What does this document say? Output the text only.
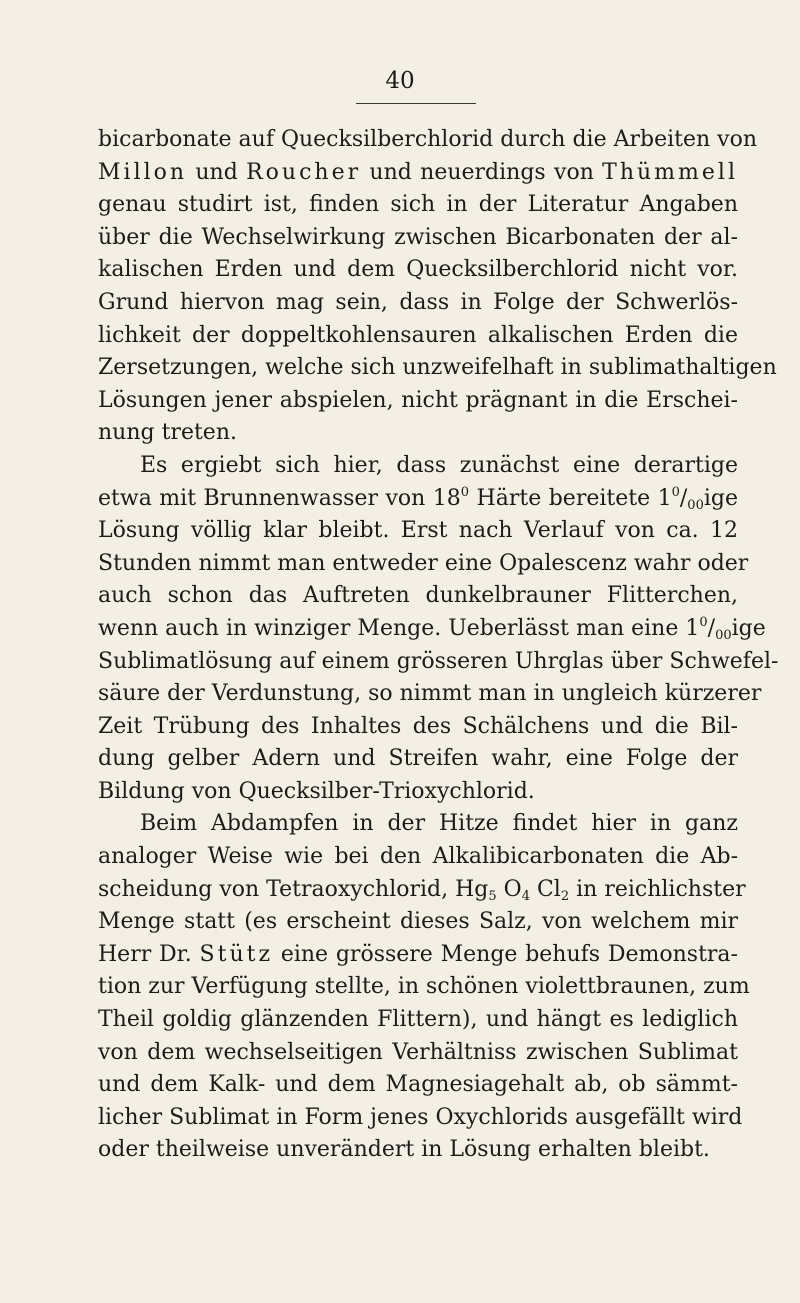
40
bicarbonate auf Quecksilberchlorid durch die Arbeiten von
Millon und Roucher und neuerdings von Thümmell
genau studirt ist, finden sich in der Literatur Angaben
über die Wechselwirkung zwischen Bicarbonaten der al-
kalischen Erden und dem Quecksilberchlorid nicht vor.
Grund hiervon mag sein, dass in Folge der Schwerlös-
lichkeit der doppeltkohlensauren alkalischen Erden die
Zersetzungen, welche sich unzweifelhaft in sublimathaltigen
Lösungen jener abspielen, nicht prägnant in die Erschei-
nung treten.
Es ergiebt sich hier, dass zunächst eine derartige
etwa mit Brunnenwasser von $18^0$ Härte bereitete $1^0/_{00}ige$
Lösung völlig klar bleibt. Erst nach Verlauf von ca. 12
Stunden nimmt man entweder eine Opalescenz wahr oder
auch schon das Auftreten dunkelbrauner Flitterchen,
wenn auch in winziger Menge. Ueberlässt man eine $1^0/_{00}ige$
Sublimatlösung auf einem grösseren Uhrglas über Schwefel-
säure der Verdunstung, so nimmt man in ungleich kürzerer
Zeit Trübung des Inhaltes des Schälchens und die Bil-
dung gelber Adern und Streifen wahr, eine Folge der
Bildung von Quecksilber-Trioxychlorid.
Beim Abdampfen in der Hitze findet hier in ganz
analoger Weise wie bei den Alkalibicarbonaten die Ab-
scheidung von Tetraoxychlorid, $Hg_5$ $O_4$ $Cl_2$ in reichlichster
Menge statt (es erscheint dieses Salz, von welchem mir
Herr Dr. Stütz eine grössere Menge behufs Demonstra-
tion zur Verfügung stellte, in schönen violettbraunen, zum
Theil goldig glänzenden Flittern), und hängt es lediglich
von dem wechselseitigen Verhältniss zwischen Sublimat
und dem Kalk- und dem Magnesiagehalt ab, ob sämmt-
licher Sublimat in Form jenes Oxychlorids ausgefällt wird
oder theilweise unverändert in Lösung erhalten bleibt.
